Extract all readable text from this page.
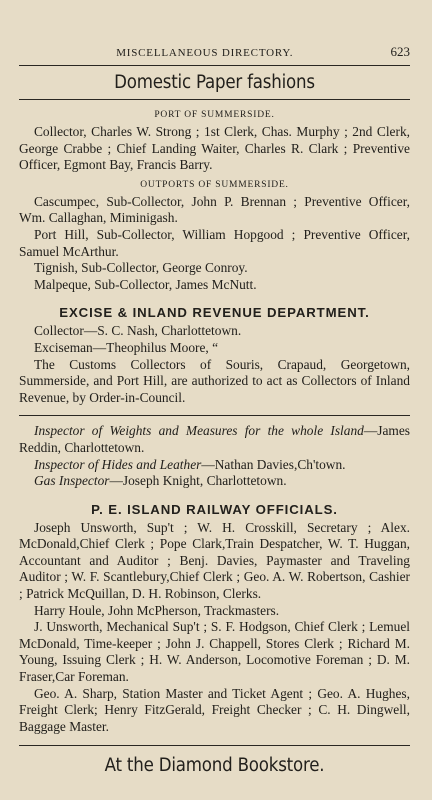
MISCELLANEOUS DIRECTORY.	623
Domestic Paper fashions
PORT OF SUMMERSIDE.

Collector, Charles W. Strong ; 1st Clerk, Chas. Murphy ; 2nd Clerk, George Crabbe ; Chief Landing Waiter, Charles R. Clark ; Preventive Officer, Egmont Bay, Francis Barry.

OUTPORTS OF SUMMERSIDE.

Cascumpec, Sub-Collector, John P. Brennan ; Preventive Officer, Wm. Callaghan, Miminigash.

Port Hill, Sub-Collector, William Hopgood ; Preventive Officer, Samuel McArthur.

Tignish, Sub-Collector, George Conroy.

Malpeque, Sub-Collector, James McNutt.

EXCISE & INLAND REVENUE DEPARTMENT.

Collector—S. C. Nash, Charlottetown.

Exciseman—Theophilus Moore, “

The Customs Collectors of Souris, Crapaud, Georgetown, Summerside, and Port Hill, are authorized to act as Collectors of Inland Revenue, by Order-in-Council.

Inspector of Weights and Measures for the whole Island—James Reddin, Charlottetown.

Inspector of Hides and Leather—Nathan Davies,Ch'town.

Gas Inspector—Joseph Knight, Charlottetown.

P. E. ISLAND RAILWAY OFFICIALS.

Joseph Unsworth, Sup't ; W. H. Crosskill, Secretary ; Alex. McDonald,Chief Clerk ; Pope Clark,Train Despatcher, W. T. Huggan, Accountant and Auditor ; Benj. Davies, Paymaster and Traveling Auditor ; W. F. Scantlebury,Chief Clerk ; Geo. A. W. Robertson, Cashier ; Patrick McQuillan, D. H. Robinson, Clerks.

Harry Houle, John McPherson, Trackmasters.

J. Unsworth, Mechanical Sup't ; S. F. Hodgson, Chief Clerk ; Lemuel McDonald, Time-keeper ; John J. Chappell, Stores Clerk ; Richard M. Young, Issuing Clerk ; H. W. Anderson, Locomotive Foreman ; D. M. Fraser,Car Foreman.

Geo. A. Sharp, Station Master and Ticket Agent ; Geo. A. Hughes, Freight Clerk; Henry FitzGerald, Freight Checker ; C. H. Dingwell, Baggage Master.

At the Diamond Bookstore.
